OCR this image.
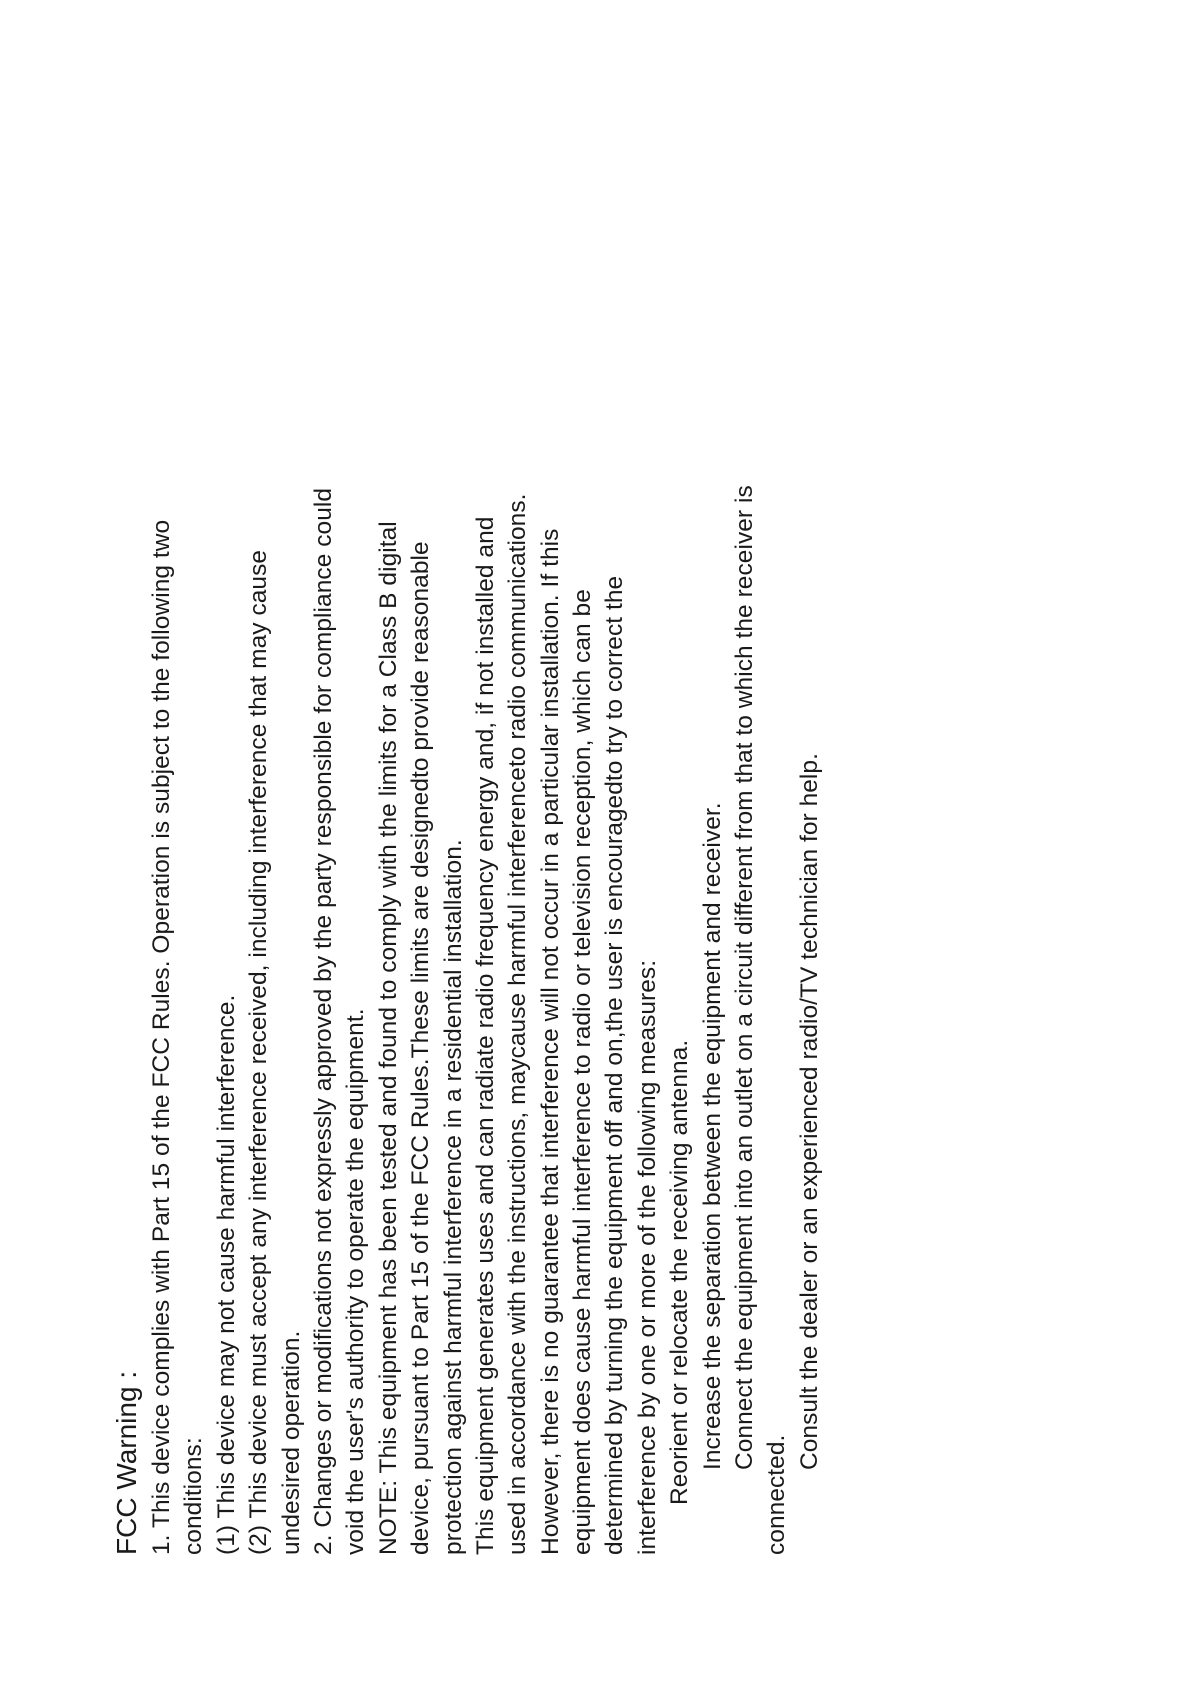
FCC Warning : 1. This device complies with Part 15 of the FCC Rules. Operation is subject to the following two conditions: (1) This device may not cause harmful interference. (2) This device must accept any interference received, including interference that may cause undesired operation. 2. Changes or modifications not expressly approved by the party responsible for compliance could void the user's authority to operate the equipment. NOTE: This equipment has been tested and found to comply with the limits for a Class B digital device, pursuant to Part 15 of the FCC Rules.These limits are designedto provide reasonable protection against harmful interference in a residential installation. This equipment generates uses and can radiate radio frequency energy and, if not installed and used in accordance with the instructions, maycause harmful interferenceto radio communications. However, there is no guarantee that interference will not occur in a particular installation. If this equipment does cause harmful interference to radio or television reception, which can be determined by turning the equipment off and on,the user is encouragedto try to correct the interference by one or more of the following measures: Reorient or relocate the receiving antenna. Increase the separation between the equipment and receiver. Connect the equipment into an outlet on a circuit different from that to which the receiver is
connected.
Consult the dealer or an experienced radio/TV technician for help.
